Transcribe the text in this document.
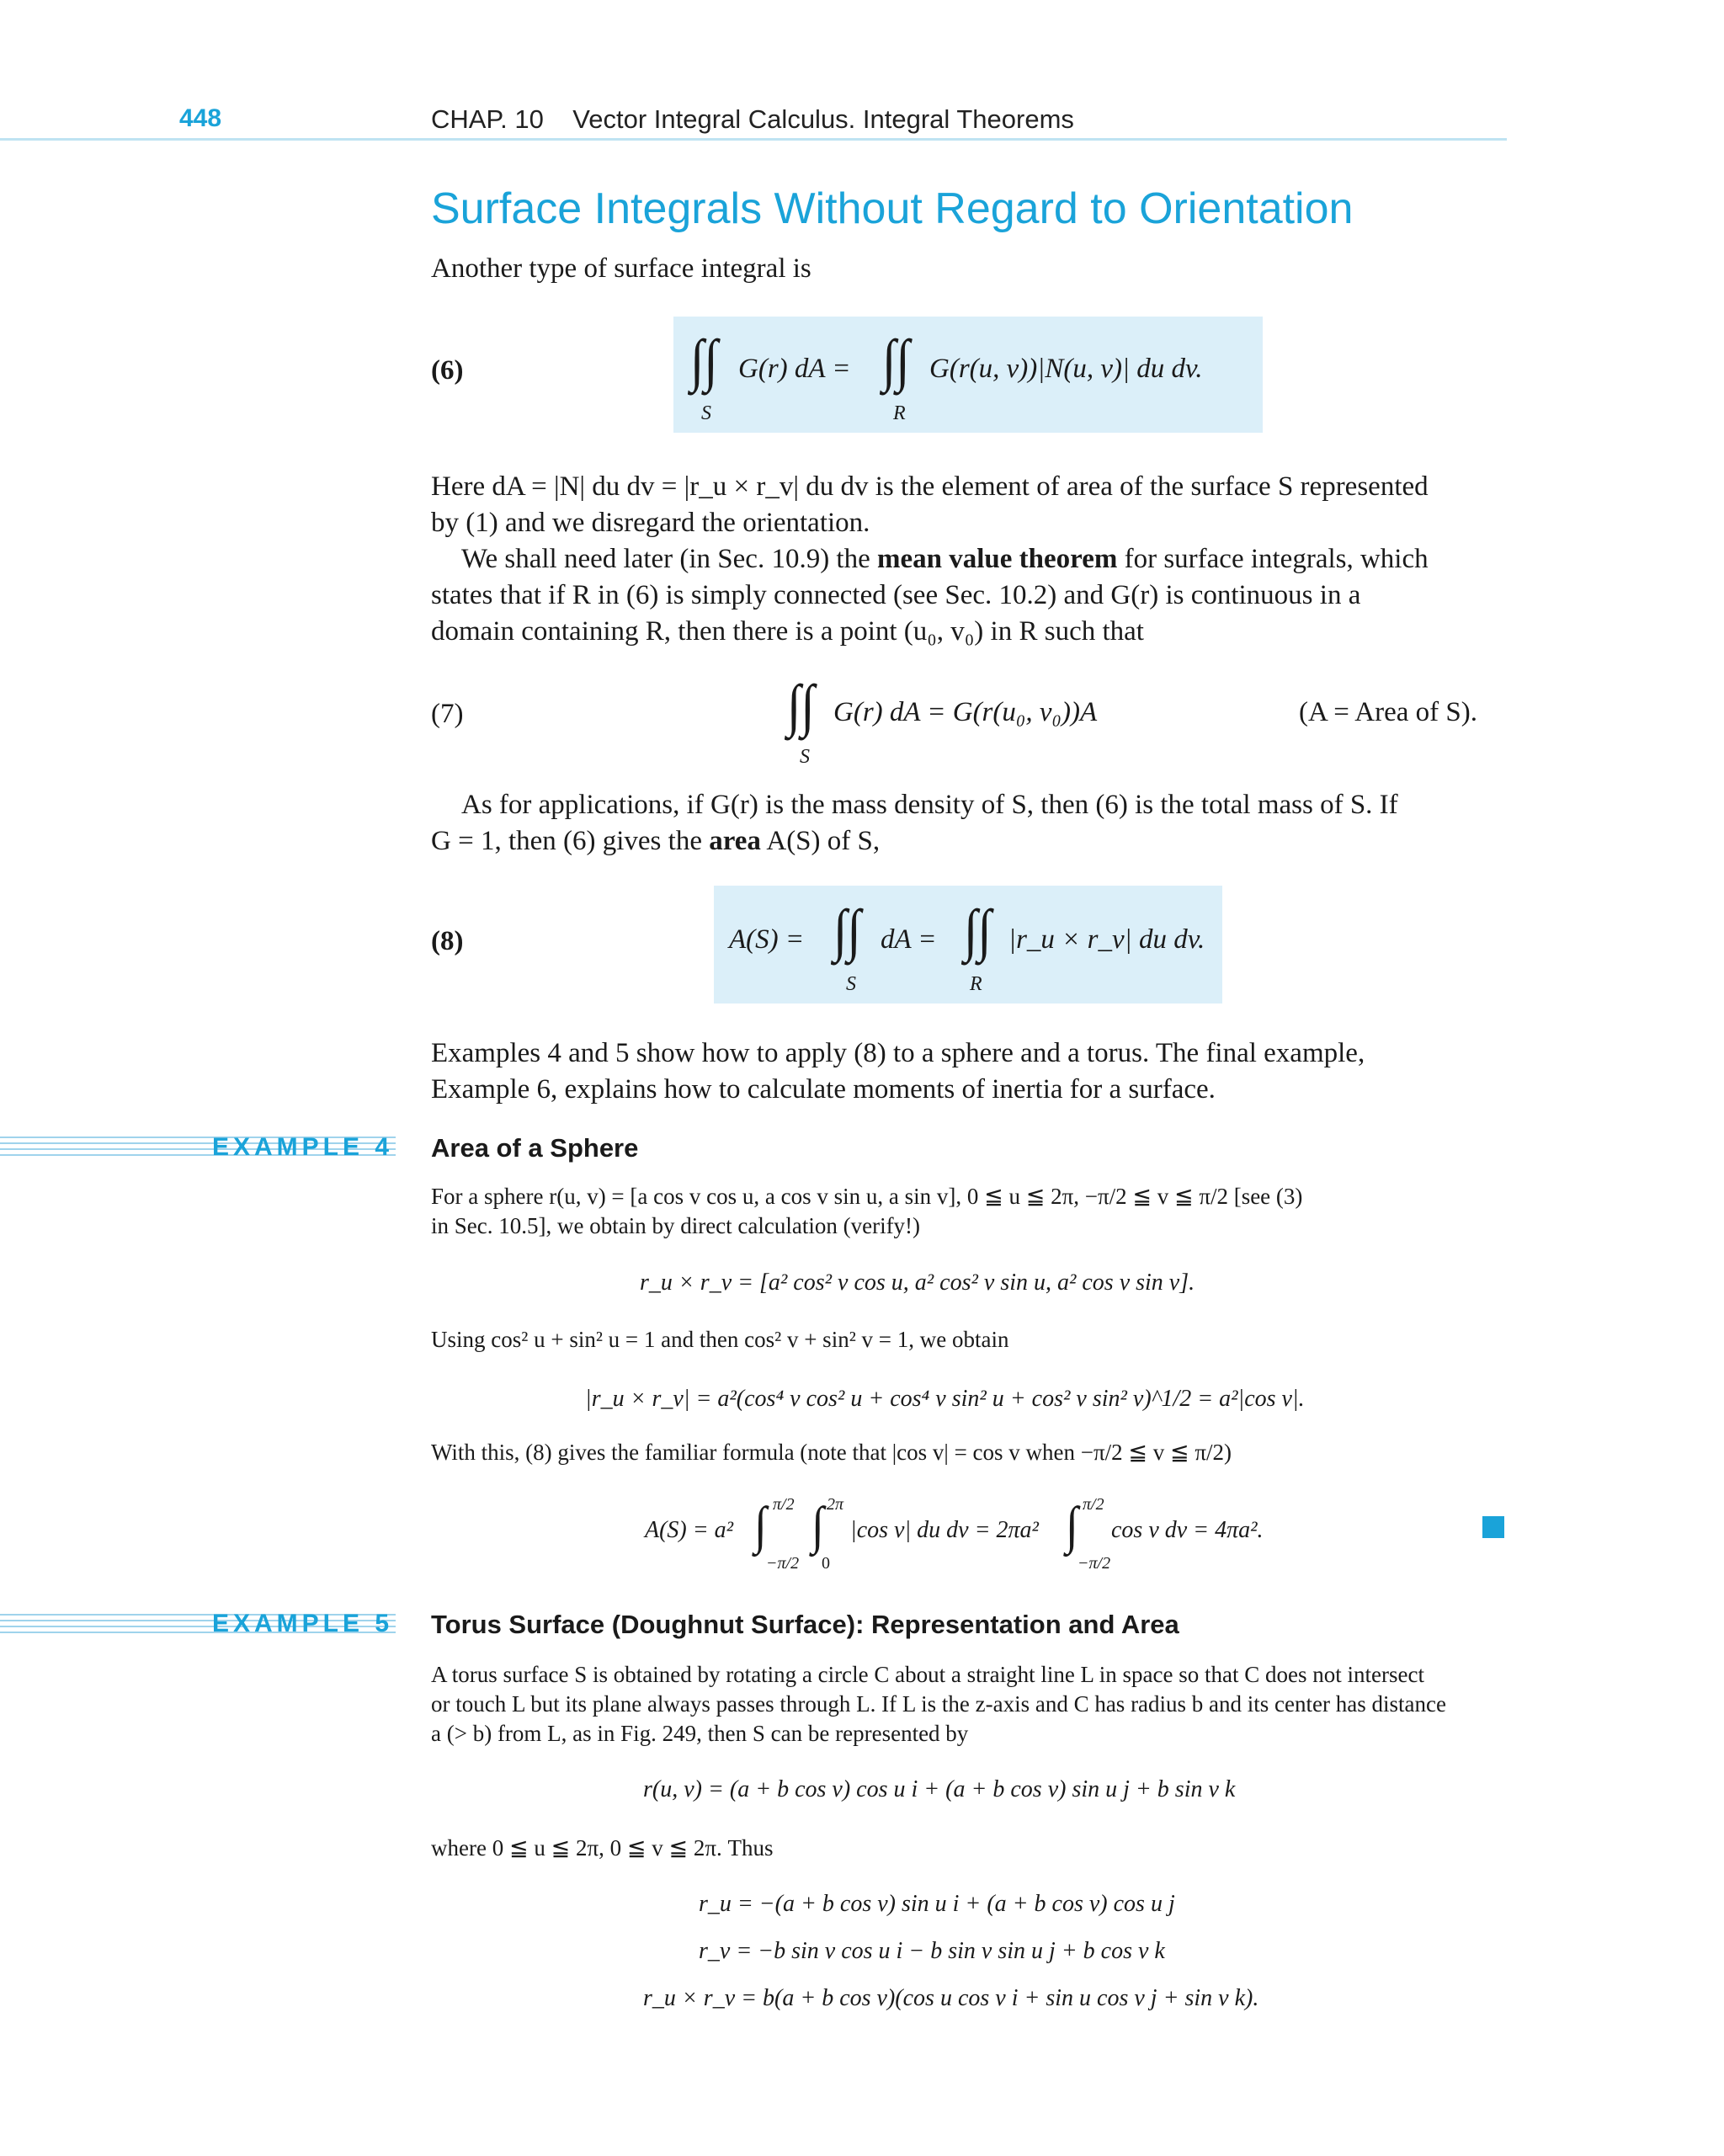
448	CHAP. 10    Vector Integral Calculus. Integral Theorems
Surface Integrals Without Regard to Orientation
Another type of surface integral is
(6)	∫∫
S
G(r) dA = ∫∫
R
G(r(u, v))|N(u, v)| du dv.
Here dA = |N| du dv = |r_u × r_v| du dv is the element of area of the surface S represented
by (1) and we disregard the orientation.
We shall need later (in Sec. 10.9) the mean value theorem for surface integrals, which
states that if R in (6) is simply connected (see Sec. 10.2) and G(r) is continuous in a
domain containing R, then there is a point (u₀, v₀) in R such that
(7)	∫∫
S
G(r) dA = G(r(u₀, v₀))A	(A = Area of S).
As for applications, if G(r) is the mass density of S, then (6) is the total mass of S. If
G = 1, then (6) gives the area A(S) of S,
(8)	A(S) = ∫∫
S
dA = ∫∫
R
|r_u × r_v| du dv.
Examples 4 and 5 show how to apply (8) to a sphere and a torus. The final example,
Example 6, explains how to calculate moments of inertia for a surface.
EXAMPLE 4 Area of a Sphere
For a sphere r(u, v) = [a cos v cos u, a cos v sin u, a sin v], 0 ≦ u ≦ 2π, −π/2 ≦ v ≦ π/2 [see (3)
in Sec. 10.5], we obtain by direct calculation (verify!)
r_u × r_v = [a² cos² v cos u, a² cos² v sin u, a² cos v sin v].
Using cos² u + sin² u = 1 and then cos² v + sin² v = 1, we obtain
|r_u × r_v| = a²(cos⁴ v cos² u + cos⁴ v sin² u + cos² v sin² v)^1/2 = a²|cos v|.
With this, (8) gives the familiar formula (note that |cos v| = cos v when −π/2 ≦ v ≦ π/2)
A(S) = a² ∫ π/2
−π/2
∫ 2π
0
|cos v| du dv = 2πa² ∫ π/2
−π/2
cos v dv = 4πa².
EXAMPLE 5 Torus Surface (Doughnut Surface): Representation and Area
A torus surface S is obtained by rotating a circle C about a straight line L in space so that C does not intersect
or touch L but its plane always passes through L. If L is the z-axis and C has radius b and its center has distance
a (> b) from L, as in Fig. 249, then S can be represented by
r(u, v) = (a + b cos v) cos u i + (a + b cos v) sin u j + b sin v k
where 0 ≦ u ≦ 2π, 0 ≦ v ≦ 2π. Thus
r_u = −(a + b cos v) sin u i + (a + b cos v) cos u j
r_v = −b sin v cos u i − b sin v sin u j + b cos v k
r_u × r_v = b(a + b cos v)(cos u cos v i + sin u cos v j + sin v k).
